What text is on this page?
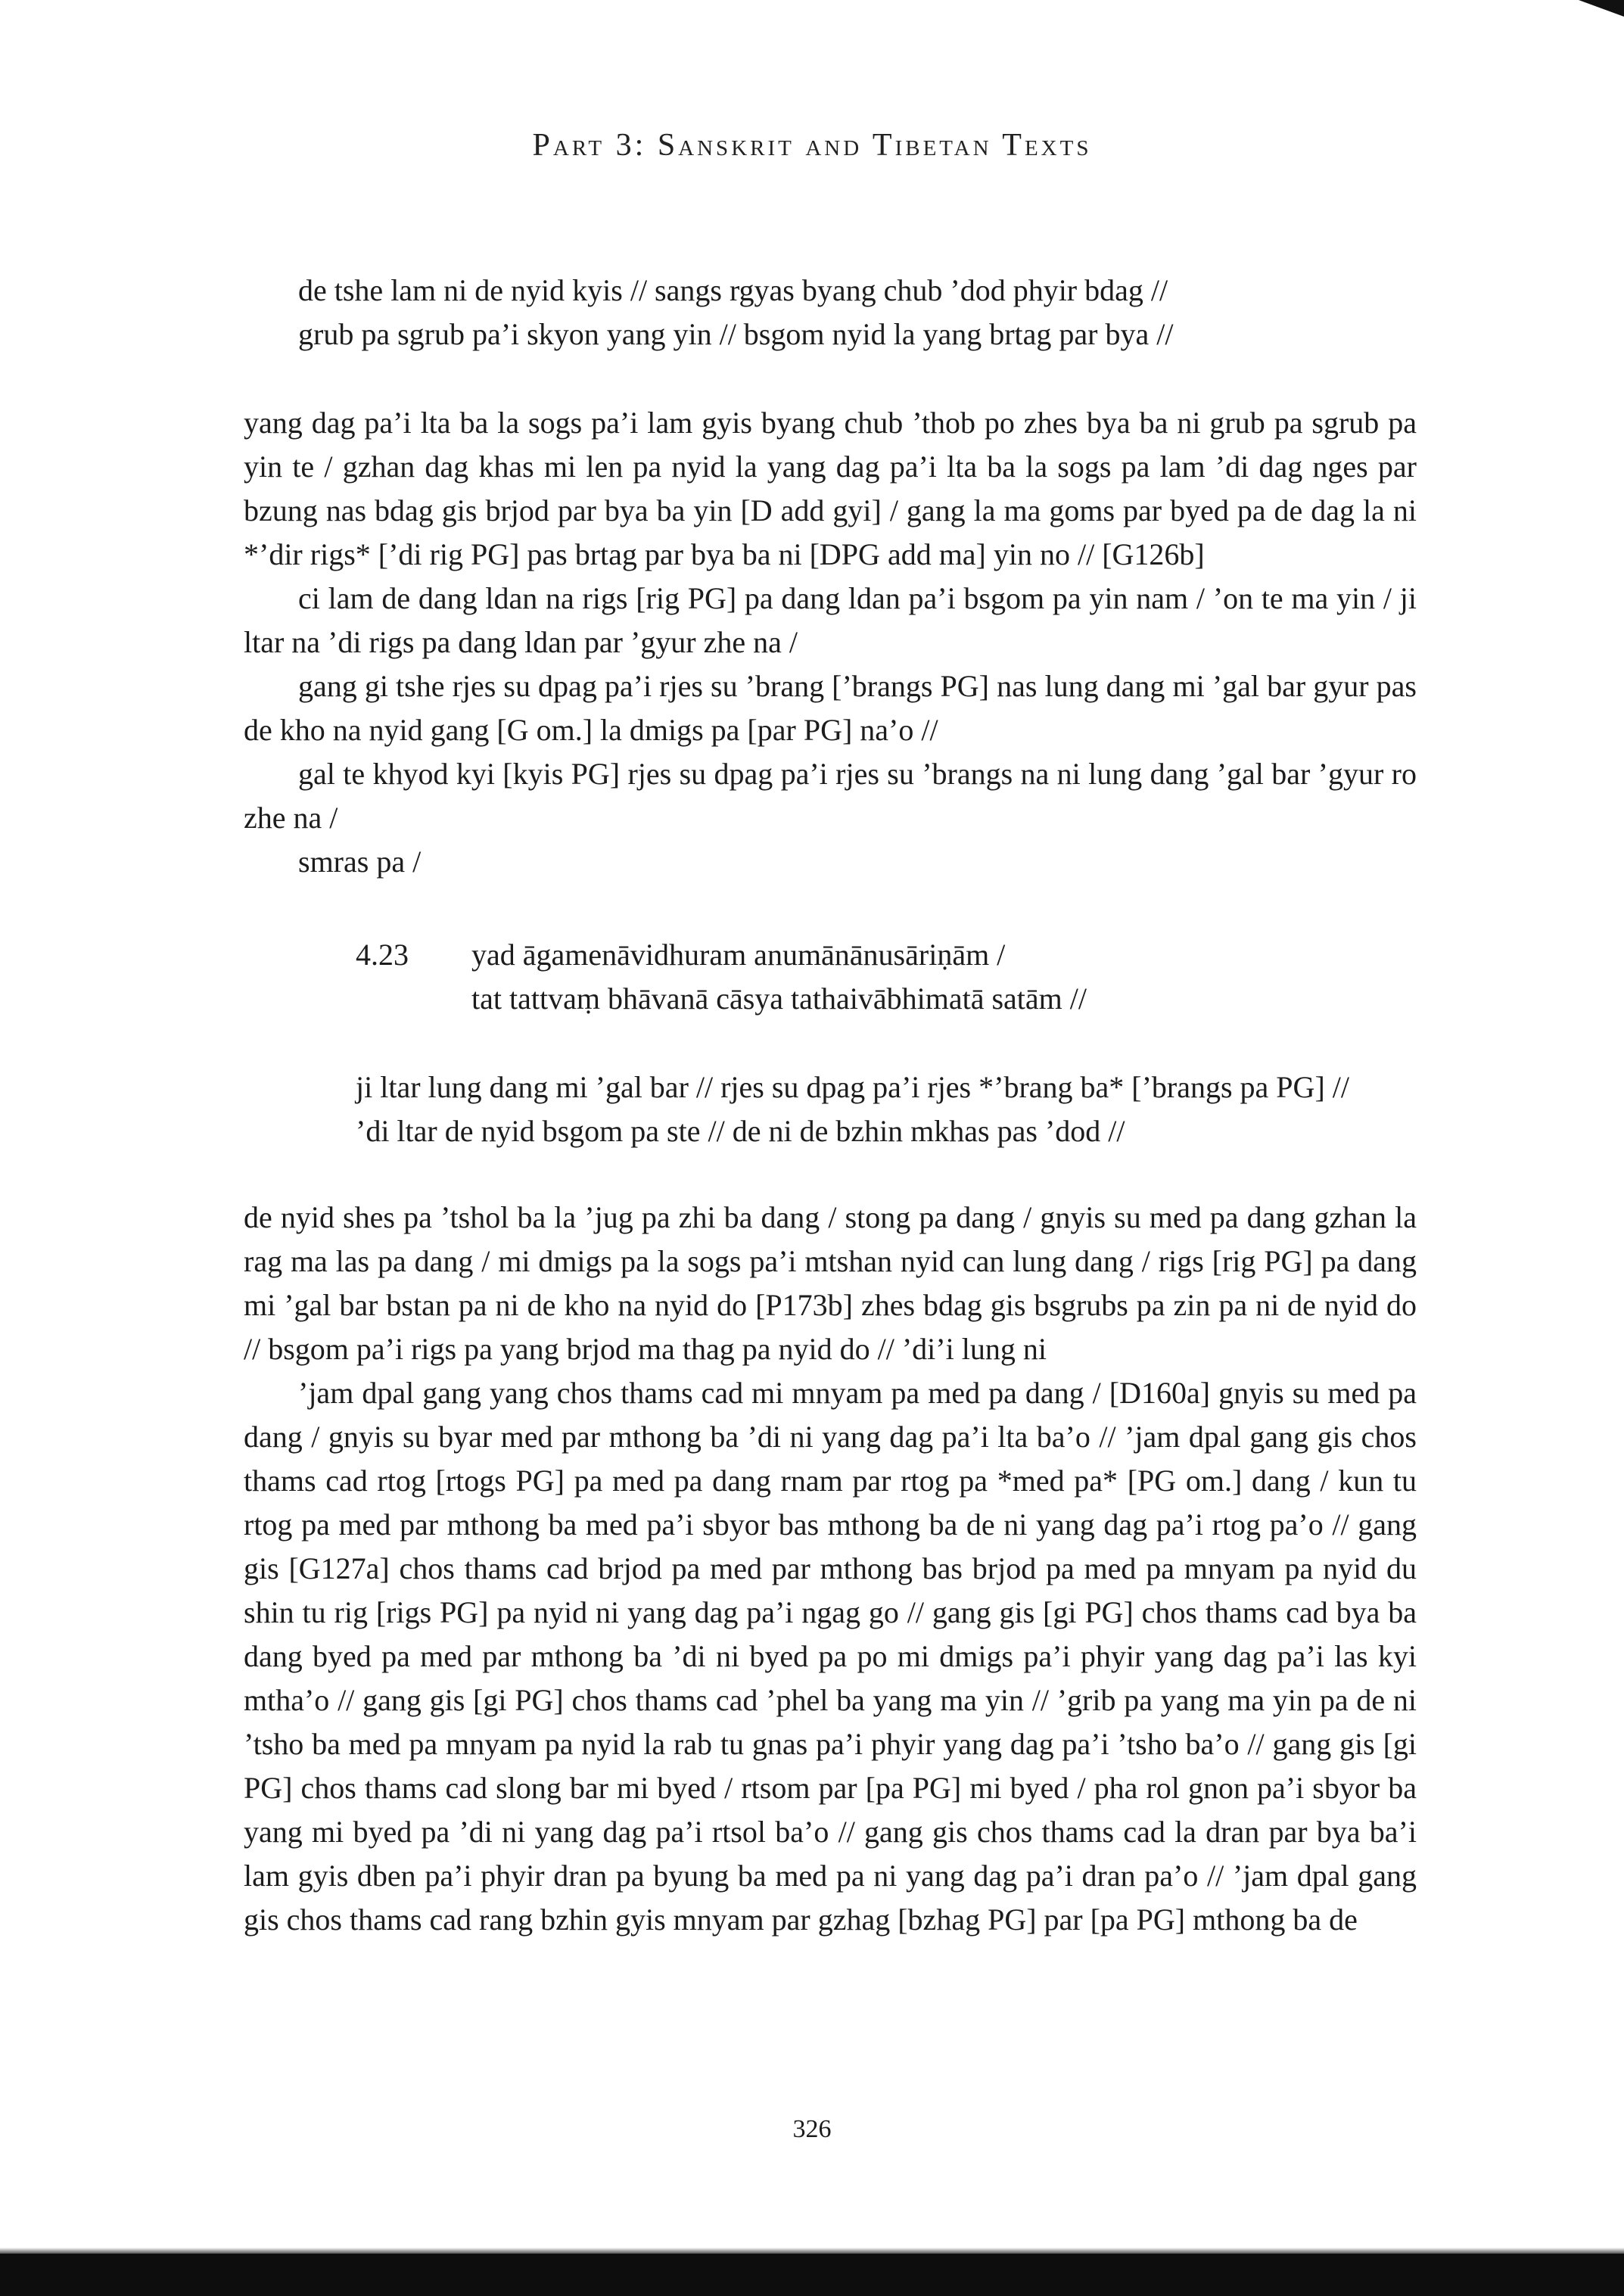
Part 3: Sanskrit and Tibetan Texts
de tshe lam ni de nyid kyis // sangs rgyas byang chub ’dod phyir bdag //
grub pa sgrub pa’i skyon yang yin // bsgom nyid la yang brtag par bya //

yang dag pa’i lta ba la sogs pa’i lam gyis byang chub ’thob po zhes bya ba ni grub pa sgrub pa yin te / gzhan dag khas mi len pa nyid la yang dag pa’i lta ba la sogs pa lam ’di dag nges par bzung nas bdag gis brjod par bya ba yin [D add gyi] / gang la ma goms par byed pa de dag la ni *’dir rigs* [’di rig PG] pas brtag par bya ba ni [DPG add ma] yin no // [G126b]

ci lam de dang ldan na rigs [rig PG] pa dang ldan pa’i bsgom pa yin nam / ’on te ma yin / ji ltar na ’di rigs pa dang ldan par ’gyur zhe na /

gang gi tshe rjes su dpag pa’i rjes su ’brang [’brangs PG] nas lung dang mi ’gal bar gyur pas de kho na nyid gang [G om.] la dmigs pa [par PG] na’o //

gal te khyod kyi [kyis PG] rjes su dpag pa’i rjes su ’brangs na ni lung dang ’gal bar ’gyur ro zhe na /

smras pa /

4.23	yad āgamenāvidhuram anumānānusāriṇām /
tat tattvaṃ bhāvanā cāsya tathaivābhimatā satām //
ji ltar lung dang mi ’gal bar // rjes su dpag pa’i rjes *’brang ba* [’brangs pa PG] //
’di ltar de nyid bsgom pa ste // de ni de bzhin mkhas pas ’dod //

de nyid shes pa ’tshol ba la ’jug pa zhi ba dang / stong pa dang / gnyis su med pa dang gzhan la rag ma las pa dang / mi dmigs pa la sogs pa’i mtshan nyid can lung dang / rigs [rig PG] pa dang mi ’gal bar bstan pa ni de kho na nyid do [P173b] zhes bdag gis bsgrubs pa zin pa ni de nyid do // bsgom pa’i rigs pa yang brjod ma thag pa nyid do // ’di’i lung ni

’jam dpal gang yang chos thams cad mi mnyam pa med pa dang / [D160a] gnyis su med pa dang / gnyis su byar med par mthong ba ’di ni yang dag pa’i lta ba’o // ’jam dpal gang gis chos thams cad rtog [rtogs PG] pa med pa dang rnam par rtog pa *med pa* [PG om.] dang / kun tu rtog pa med par mthong ba med pa’i sbyor bas mthong ba de ni yang dag pa’i rtog pa’o // gang gis [G127a] chos thams cad brjod pa med par mthong bas brjod pa med pa mnyam pa nyid du shin tu rig [rigs PG] pa nyid ni yang dag pa’i ngag go // gang gis [gi PG] chos thams cad bya ba dang byed pa med par mthong ba ’di ni byed pa po mi dmigs pa’i phyir yang dag pa’i las kyi mtha’o // gang gis [gi PG] chos thams cad ’phel ba yang ma yin // ’grib pa yang ma yin pa de ni ’tsho ba med pa mnyam pa nyid la rab tu gnas pa’i phyir yang dag pa’i ’tsho ba’o // gang gis [gi PG] chos thams cad slong bar mi byed / rtsom par [pa PG] mi byed / pha rol gnon pa’i sbyor ba yang mi byed pa ’di ni yang dag pa’i rtsol ba’o // gang gis chos thams cad la dran par bya ba’i lam gyis dben pa’i phyir dran pa byung ba med pa ni yang dag pa’i dran pa’o // ’jam dpal gang gis chos thams cad rang bzhin gyis mnyam par gzhag [bzhag PG] par [pa PG] mthong ba de

326
